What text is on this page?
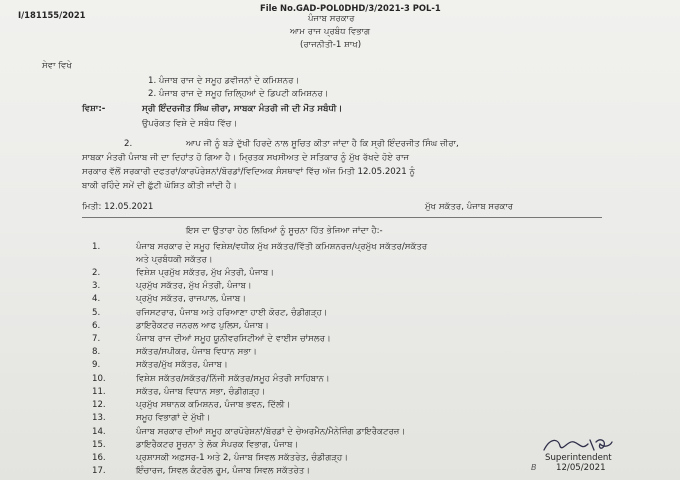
I/181155/2021
File No.GAD-POL0DHD/3/2021-3 POL-1
ਪੰਜਾਬ ਸਰਕਾਰ
ਆਮ ਰਾਜ ਪ੍ਰਬੰਧ ਵਿਭਾਗ
(ਰਾਜਨੀਤੀ-1 ਸ਼ਾਖ)
ਸੇਵਾ ਵਿਖੇ
1. ਪੰਜਾਬ ਰਾਜ ਦੇ ਸਮੂਹ ਡਵੀਜਨਾਂ ਦੇ ਕਮਿਸ਼ਨਰ।
2. ਪੰਜਾਬ ਰਾਜ ਦੇ ਸਮੂਹ ਜ਼ਿਲ੍ਹਿਆਂ ਦੇ ਡਿਪਟੀ ਕਮਿਸ਼ਨਰ।
ਵਿਸ਼ਾ:-	ਸ੍ਰੀ ਇੰਦਰਜੀਤ ਸਿੰਘ ਜ਼ੀਰਾ, ਸਾਬਕਾ ਮੰਤਰੀ ਜੀ ਦੀ ਮੌਤ ਸਬੰਧੀ।
ਉਪਰੋਕਤ ਵਿਸ਼ੇ ਦੇ ਸਬੰਧ ਵਿੱਚ।
2.	ਆਪ ਜੀ ਨੂੰ ਬੜੇ ਦੁੱਖੀ ਹਿਰਦੇ ਨਾਲ ਸੂਚਿਤ ਕੀਤਾ ਜਾਂਦਾ ਹੈ ਕਿ ਸ੍ਰੀ ਇੰਦਰਜੀਤ ਸਿੰਘ ਜ਼ੀਰਾ,
ਸਾਬਕਾ ਮੰਤਰੀ ਪੰਜਾਬ ਜੀ ਦਾ ਦਿਹਾਂਤ ਹੋ ਗਿਆ ਹੈ। ਮ੍ਰਿਤਕ ਸਖਸੀਅਤ ਦੇ ਸਤਿਕਾਰ ਨੂੰ ਮੁੱਖ ਰੱਖਦੇ ਹੋਏ ਰਾਜ
ਸਰਕਾਰ ਵੱਲੋਂ ਸਰਕਾਰੀ ਦਫਤਰਾਂ/ਕਾਰਪੋਰੇਸ਼ਨਾਂ/ਬੋਰਡਾਂ/ਵਿਦਿਅਕ ਸੰਸਥਾਵਾਂ ਵਿੱਚ ਅੱਜ ਮਿਤੀ 12.05.2021 ਨੂੰ
ਬਾਕੀ ਰਹਿੰਦੇ ਸਮੇਂ ਦੀ ਛੁੱਟੀ ਘੋਸ਼ਿਤ ਕੀਤੀ ਜਾਂਦੀ ਹੈ।
ਮਿਤੀ: 12.05.2021	ਮੁੱਖ ਸਕੱਤਰ, ਪੰਜਾਬ ਸਰਕਾਰ
ਇਸ ਦਾ ਉਤਾਰਾ ਹੇਠ ਲਿਖਿਆਂ ਨੂੰ ਸੂਚਨਾ ਹਿੱਤ ਭੇਜਿਆ ਜਾਂਦਾ ਹੈ:-
1.	ਪੰਜਾਬ ਸਰਕਾਰ ਦੇ ਸਮੂਹ ਵਿਸ਼ੇਸ਼/ਵਧੀਕ ਮੁੱਖ ਸਕੱਤਰ/ਵਿੱਤੀ ਕਮਿਸ਼ਨਰਜ਼/ਪ੍ਰਮੁੱਖ ਸਕੱਤਰ/ਸਕੱਤਰ
ਅਤੇ ਪ੍ਰਬੰਧਕੀ ਸਕੱਤਰ।
2.	ਵਿਸ਼ੇਸ਼ ਪ੍ਰਮੁੱਖ ਸਕੱਤਰ, ਮੁੱਖ ਮੰਤਰੀ, ਪੰਜਾਬ।
3.	ਪ੍ਰਮੁੱਖ ਸਕੱਤਰ, ਮੁੱਖ ਮੰਤਰੀ, ਪੰਜਾਬ।
4.	ਪ੍ਰਮੁੱਖ ਸਕੱਤਰ, ਰਾਜਪਾਲ, ਪੰਜਾਬ।
5.	ਰਜਿਸਟਰਾਰ, ਪੰਜਾਬ ਅਤੇ ਹਰਿਆਣਾ ਹਾਈ ਕੋਰਟ, ਚੰਡੀਗੜ੍ਹ।
6.	ਡਾਇਰੈਕਟਰ ਜਨਰਲ ਆਫ ਪੁਲਿਸ, ਪੰਜਾਬ।
7.	ਪੰਜਾਬ ਰਾਜ ਦੀਆਂ ਸਮੂਹ ਯੂਨੀਵਰਸਿਟੀਆਂ ਦੇ ਵਾਈਸ ਚਾਂਸਲਰ।
8.	ਸਕੱਤਰ/ਸਪੀਕਰ, ਪੰਜਾਬ ਵਿਧਾਨ ਸਭਾ।
9.	ਸਕੱਤਰ/ਮੁੱਖ ਸਕੱਤਰ, ਪੰਜਾਬ।
10.	ਵਿਸ਼ੇਸ਼ ਸਕੱਤਰ/ਸਕੱਤਰ/ਨਿੱਜੀ ਸਕੱਤਰ/ਸਮੂਹ ਮੰਤਰੀ ਸਾਹਿਬਾਨ।
11.	ਸਕੱਤਰ, ਪੰਜਾਬ ਵਿਧਾਨ ਸਭਾ, ਚੰਡੀਗੜ੍ਹ।
12.	ਪ੍ਰਮੁੱਖ ਸਥਾਨਕ ਕਮਿਸ਼ਨਰ, ਪੰਜਾਬ ਭਵਨ, ਦਿੱਲੀ।
13.	ਸਮੂਹ ਵਿਭਾਗਾਂ ਦੇ ਮੁੱਖੀ।
14.	ਪੰਜਾਬ ਸਰਕਾਰ ਦੀਆਂ ਸਮੂਹ ਕਾਰਪੋਰੇਸ਼ਨਾਂ/ਬੋਰਡਾਂ ਦੇ ਚੇਅਰਮੈਨ/ਮੈਨੇਜਿੰਗ ਡਾਇਰੈਕਟਰਜ਼।
15.	ਡਾਇਰੈਕਟਰ ਸੂਚਨਾ ਤੇ ਲੋਕ ਸੰਪਰਕ ਵਿਭਾਗ, ਪੰਜਾਬ।
16.	ਪ੍ਰਸ਼ਾਸਕੀ ਅਫ਼ਸਰ-1 ਅਤੇ 2, ਪੰਜਾਬ ਸਿਵਲ ਸਕੱਤਰੇਤ, ਚੰਡੀਗੜ੍ਹ।
17.	ਇੰਚਾਰਜ, ਸਿਵਲ ਕੰਟਰੋਲ ਰੂਮ, ਪੰਜਾਬ ਸਿਵਲ ਸਕੱਤਰੇਤ।
Superintendent
B 12/05/2021
